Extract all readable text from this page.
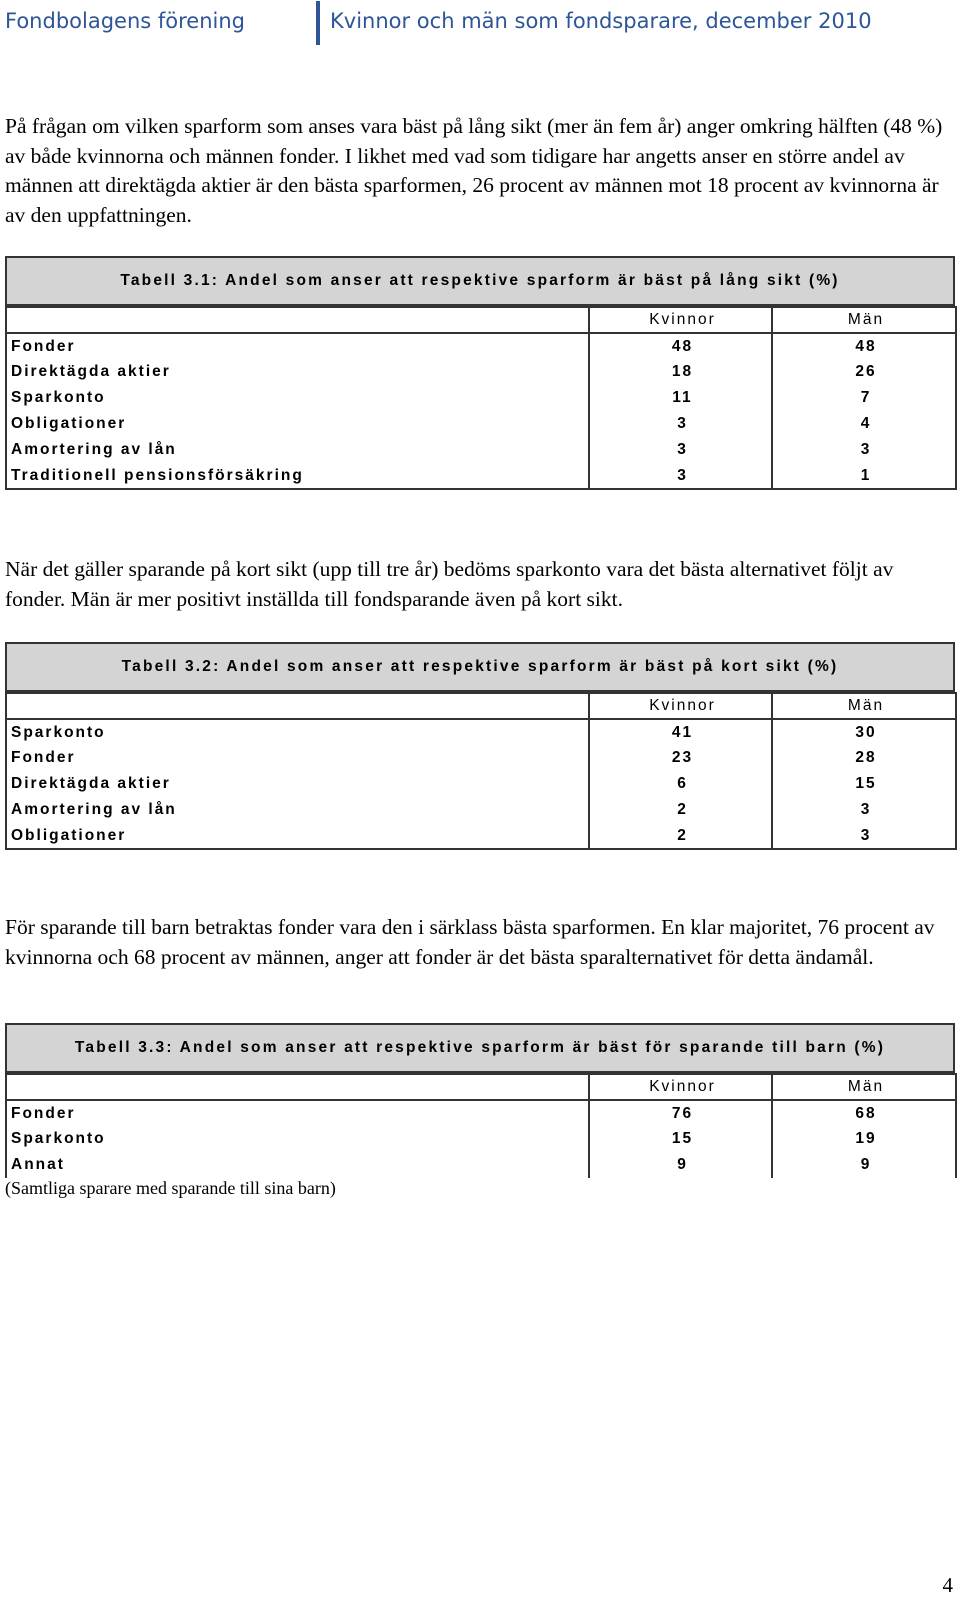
Fondbolagens förening	Kvinnor och män som fondsparare, december 2010

På frågan om vilken sparform som anses vara bäst på lång sikt (mer än fem år) anger omkring hälften (48 %) av både kvinnorna och männen fonder. I likhet med vad som tidigare har angetts anser en större andel av männen att direktägda aktier är den bästa sparformen, 26 procent av männen mot 18 procent av kvinnorna är av den uppfattningen.

Tabell 3.1: Andel som anser att respektive sparform är bäst på lång sikt (%)
	Kvinnor	Män
Fonder	48	48
Direktägda aktier	18	26
Sparkonto	11	7
Obligationer	3	4
Amortering av lån	3	3
Traditionell pensionsförsäkring	3	1

När det gäller sparande på kort sikt (upp till tre år) bedöms sparkonto vara det bästa alternativet följt av fonder. Män är mer positivt inställda till fondsparande även på kort sikt.

Tabell 3.2: Andel som anser att respektive sparform är bäst på kort sikt (%)
	Kvinnor	Män
Sparkonto	41	30
Fonder	23	28
Direktägda aktier	6	15
Amortering av lån	2	3
Obligationer	2	3

För sparande till barn betraktas fonder vara den i särklass bästa sparformen. En klar majoritet, 76 procent av kvinnorna och 68 procent av männen, anger att fonder är det bästa sparalternativet för detta ändamål.

Tabell 3.3: Andel som anser att respektive sparform är bäst för sparande till barn (%)
	Kvinnor	Män
Fonder	76	68
Sparkonto	15	19
Annat	9	9
(Samtliga sparare med sparande till sina barn)
4
